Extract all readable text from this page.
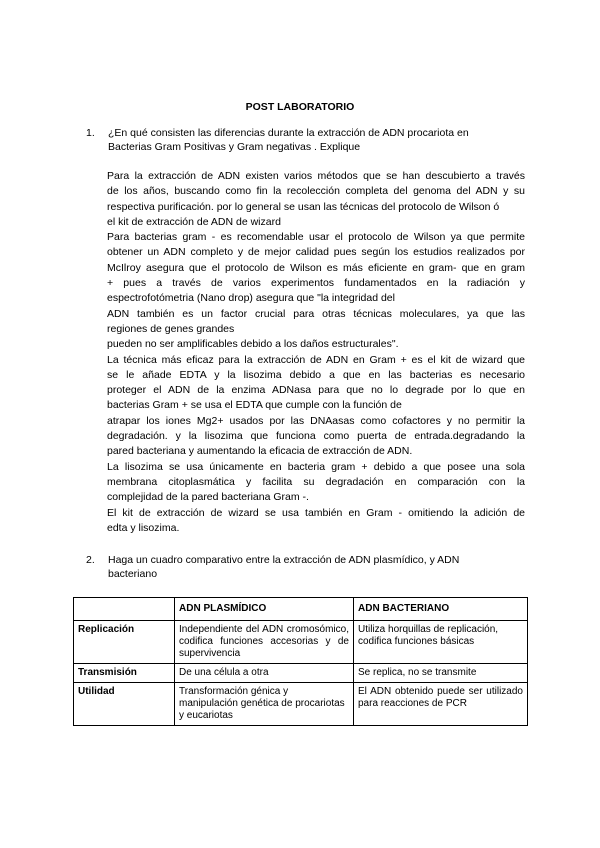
POST LABORATORIO
1. ¿En qué consisten las diferencias durante la extracción de ADN procariota en
Bacterias Gram Positivas y Gram negativas . Explique
Para la extracción de ADN existen varios métodos que se han descubierto a través
de los años, buscando como fin la recolección completa del genoma del ADN y su
respectiva purificación. por lo general se usan las técnicas del protocolo de Wilson ó
el kit de extracción de ADN de wizard
Para bacterias gram - es recomendable usar el protocolo de Wilson ya que permite
obtener un ADN completo y de mejor calidad pues según los estudios realizados por
McIlroy asegura que el protocolo de Wilson es más eficiente en gram- que en gram
+ pues a través de varios experimentos fundamentados en la radiación y
espectrofotómetria (Nano drop) asegura que "la integridad del
ADN también es un factor crucial para otras técnicas moleculares, ya que las
regiones de genes grandes
pueden no ser amplificables debido a los daños estructurales".
La técnica más eficaz para la extracción de ADN en Gram + es el kit de wizard que
se le añade EDTA y la lisozima debido a que en las bacterias es necesario
proteger el ADN de la enzima ADNasa para que no lo degrade por lo que en
bacterias Gram + se usa el EDTA que cumple con la función de
atrapar los iones Mg2+ usados por las DNAasas como cofactores y no permitir la
degradación. y la lisozima que funciona como puerta de entrada.degradando la
pared bacteriana y aumentando la eficacia de extracción de ADN.
La lisozima se usa únicamente en bacteria gram + debido a que posee una sola
membrana citoplasmática y facilita su degradación en comparación con la
complejidad de la pared bacteriana Gram -.
El kit de extracción de wizard se usa también en Gram - omitiendo la adición de
edta y lisozima.
2. Haga un cuadro comparativo entre la extracción de ADN plasmídico, y ADN
bacteriano
	ADN PLASMÍDICO	ADN BACTERIANO
Replicación	Independiente del ADN cromosómico, codifica funciones accesorias y de supervivencia	Utiliza horquillas de replicación, codifica funciones básicas
Transmisión	De una célula a otra	Se replica, no se transmite
Utilidad	Transformación génica y manipulación genética de procariotas y eucariotas	El ADN obtenido puede ser utilizado para reacciones de PCR
